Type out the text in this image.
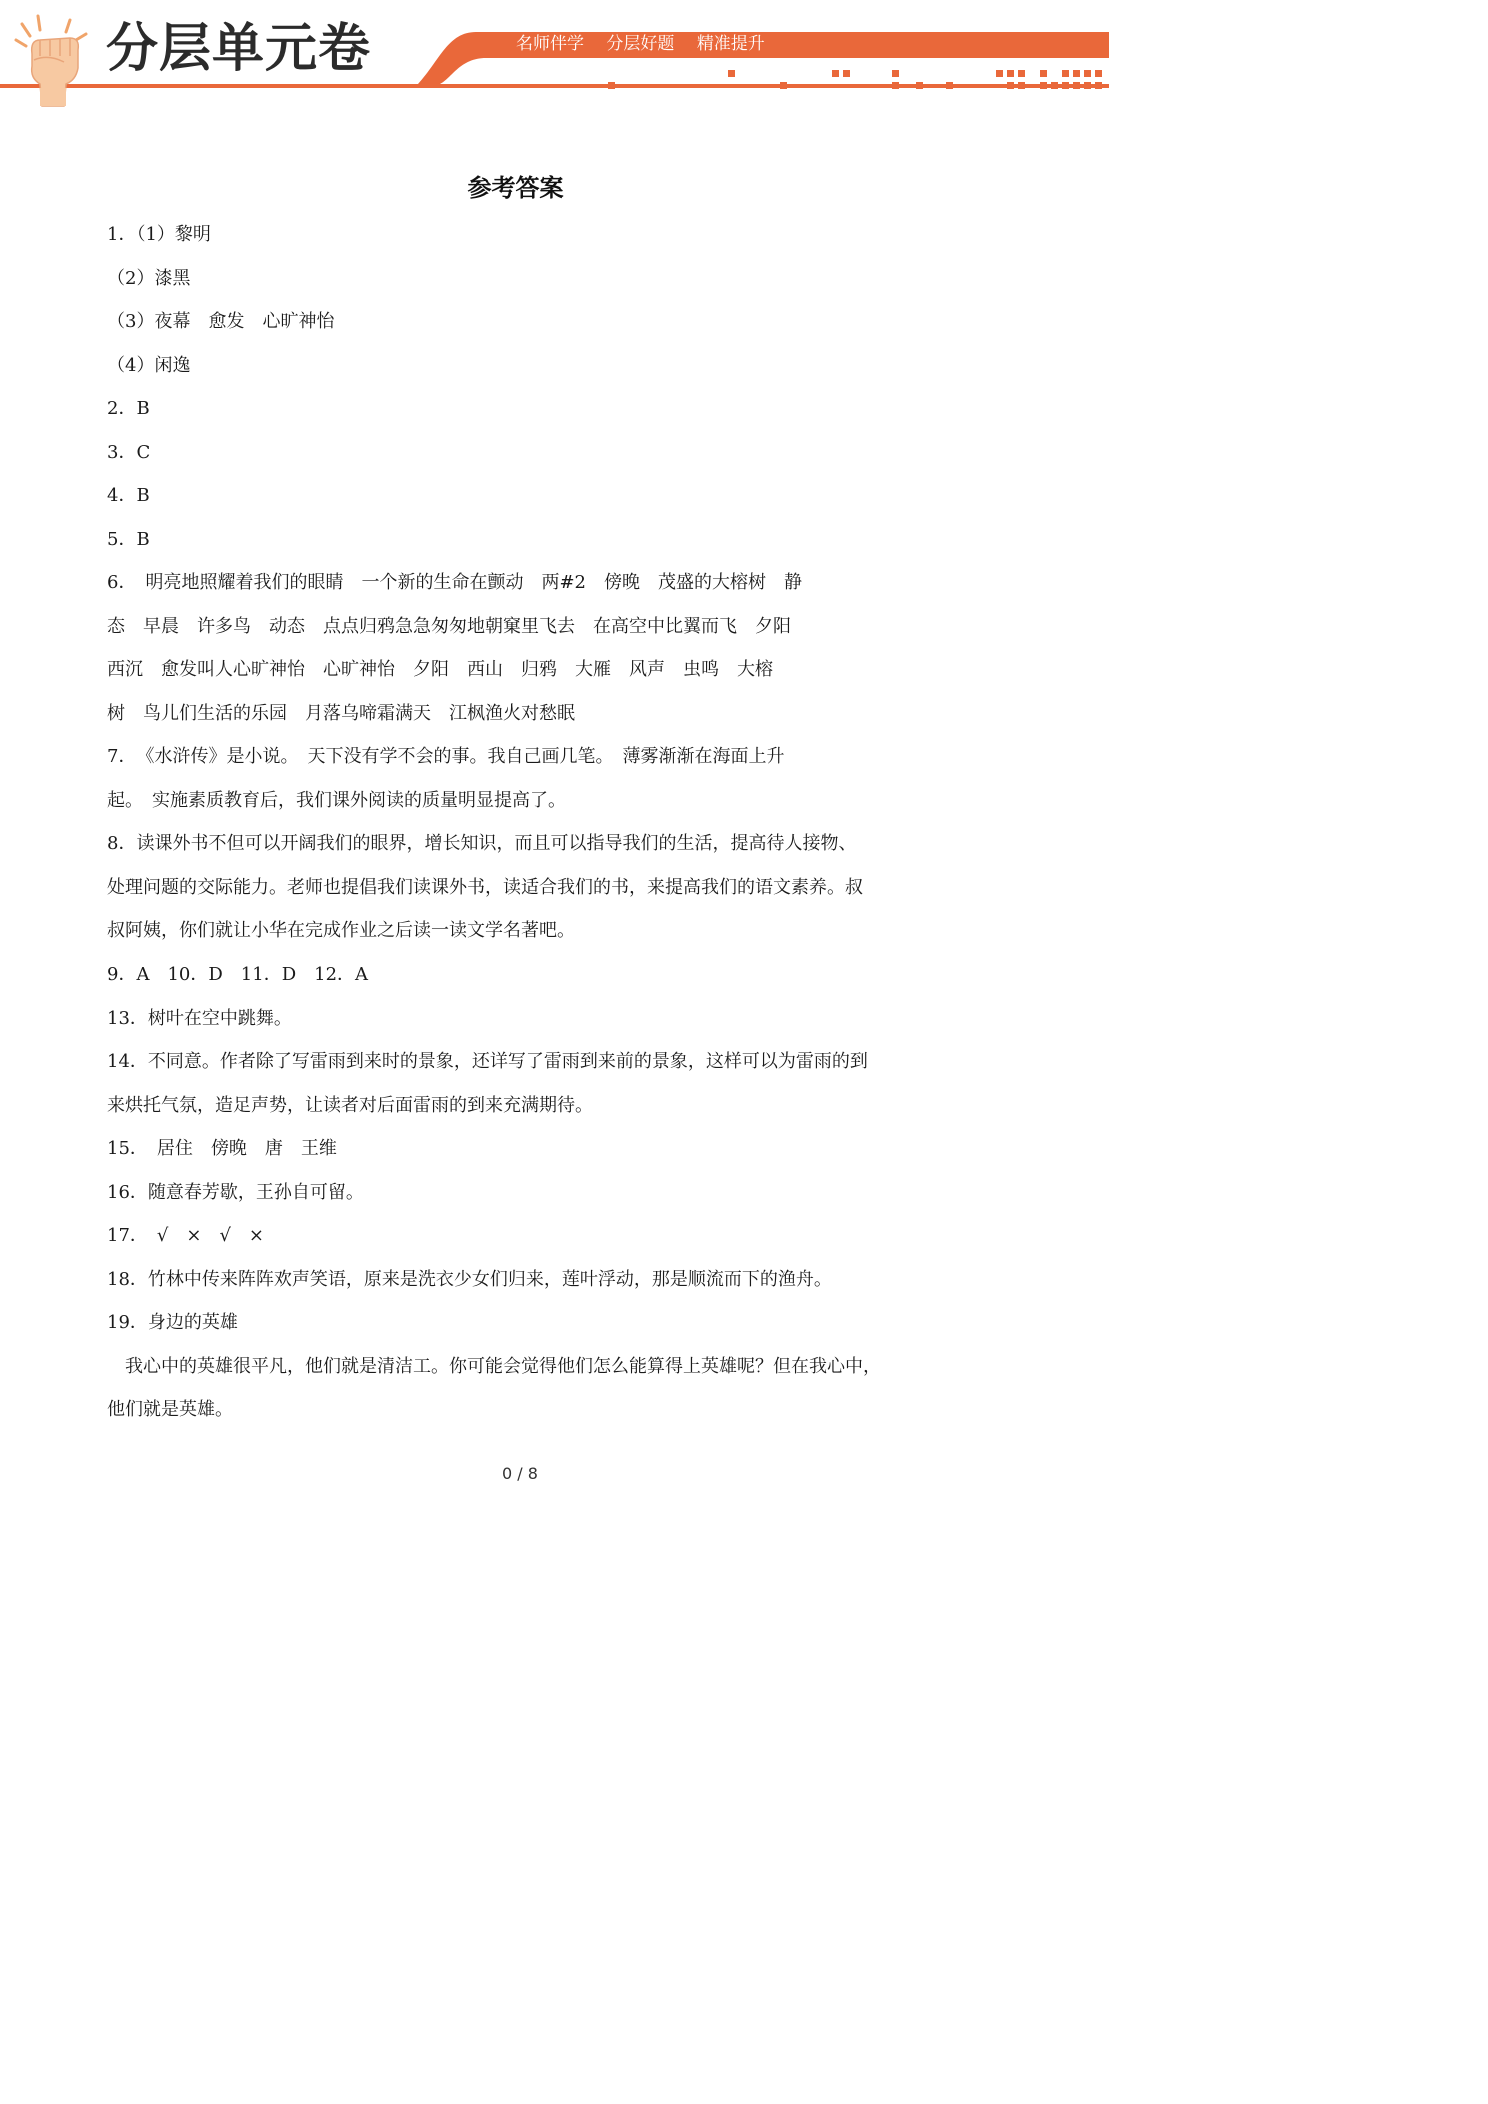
分层单元卷	名师伴学 分层好题 精准提升
参考答案
1．（1）黎明
（2）漆黑
（3）夜幕　愈发　心旷神怡
（4）闲逸
2．B
3．C
4．B
5．B
6．　明亮地照耀着我们的眼睛　一个新的生命在颤动　两#2　傍晚　茂盛的大榕树　静
态　早晨　许多鸟　动态　点点归鸦急急匆匆地朝窠里飞去　在高空中比翼而飞　夕阳
西沉　愈发叫人心旷神怡　心旷神怡　夕阳　西山　归鸦　大雁　风声　虫鸣　大榕
树　鸟儿们生活的乐园　月落乌啼霜满天　江枫渔火对愁眠
7．　《水浒传》是小说。　天下没有学不会的事。我自己画几笔。　薄雾渐渐在海面上升
起。　实施素质教育后，我们课外阅读的质量明显提高了。
8．读课外书不但可以开阔我们的眼界，增长知识，而且可以指导我们的生活，提高待人接物、
处理问题的交际能力。老师也提倡我们读课外书，读适合我们的书，来提高我们的语文素养。叔
叔阿姨，你们就让小华在完成作业之后读一读文学名著吧。
9．A　10．D　11．D　12．A
13．树叶在空中跳舞。
14．不同意。作者除了写雷雨到来时的景象，还详写了雷雨到来前的景象，这样可以为雷雨的到
来烘托气氛，造足声势，让读者对后面雷雨的到来充满期待。
15．　居住　傍晚　唐　王维
16．随意春芳歇，王孙自可留。
17．　√　×　√　×
18．竹林中传来阵阵欢声笑语，原来是洗衣少女们归来，莲叶浮动，那是顺流而下的渔舟。
19．身边的英雄
　我心中的英雄很平凡，他们就是清洁工。你可能会觉得他们怎么能算得上英雄呢？但在我心中，
他们就是英雄。
0 / 8
